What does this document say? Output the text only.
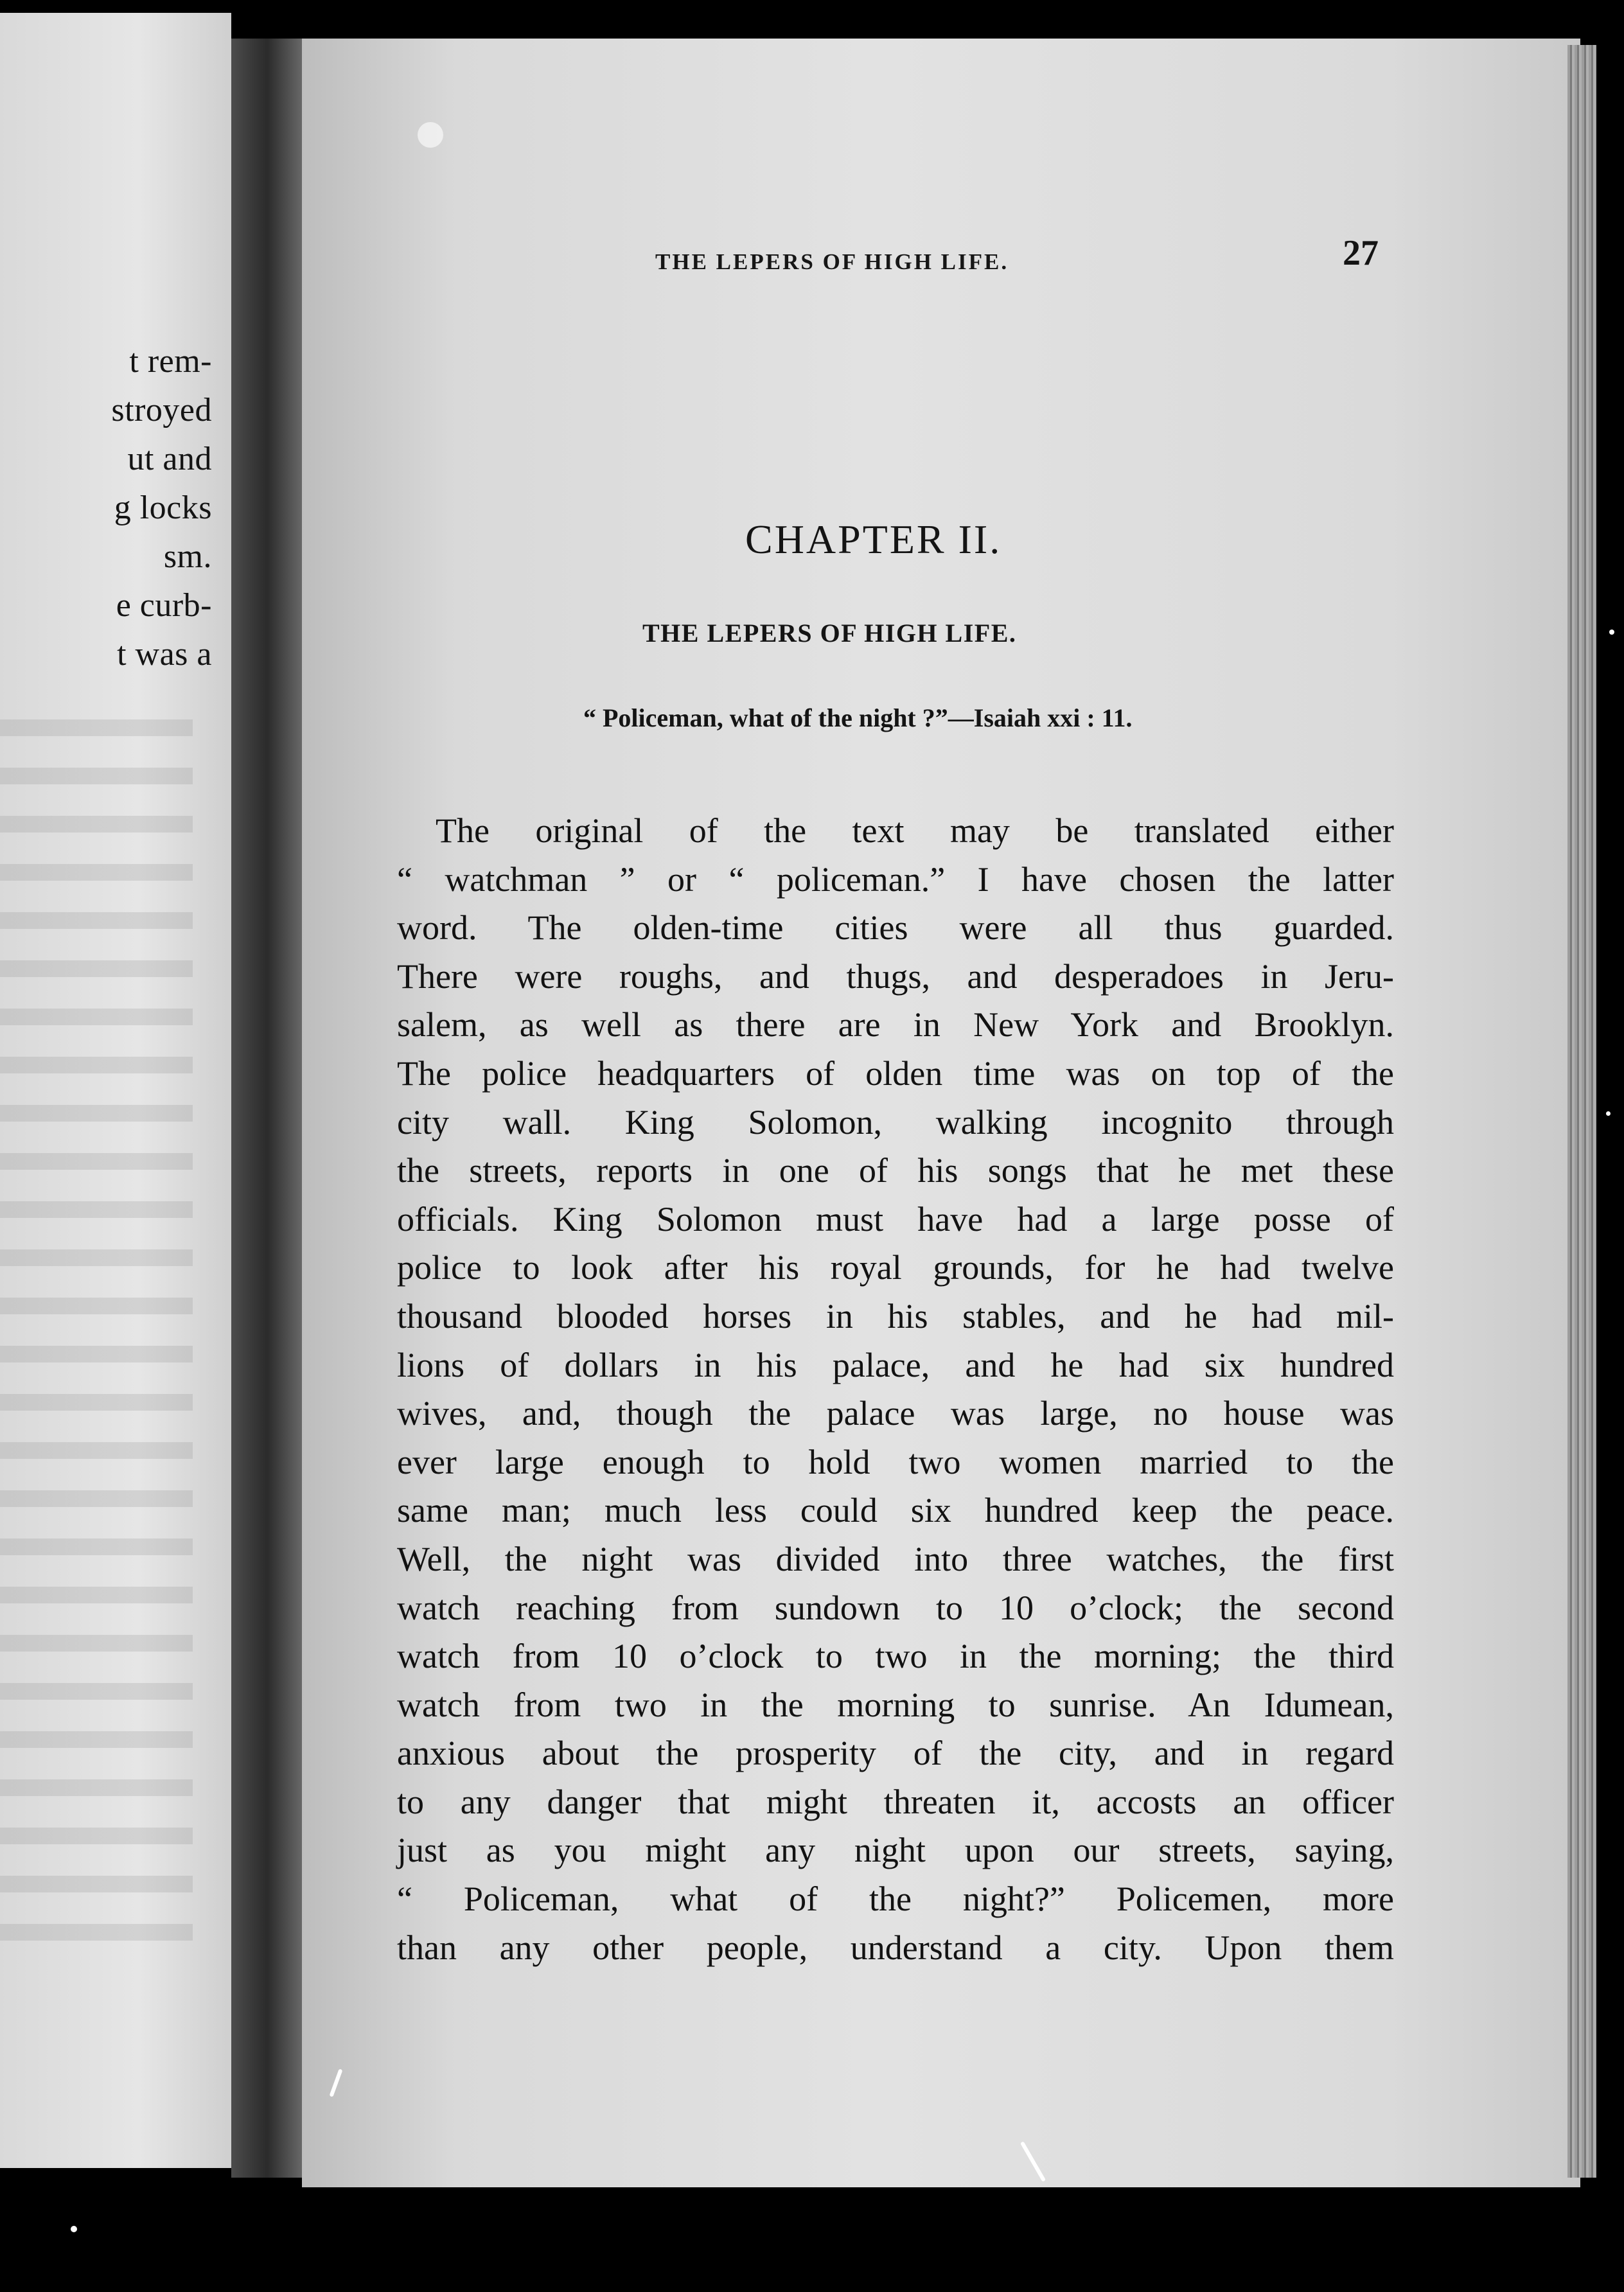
t rem-
stroyed
ut and
g locks
sm.
e curb-
t was a
THE LEPERS OF HIGH LIFE.	27
CHAPTER II.
THE LEPERS OF HIGH LIFE.
“ Policeman, what of the night ?”—Isaiah xxi : 11.
The original of the text may be translated either
“ watchman ” or “ policeman.” I have chosen the latter
word. The olden-time cities were all thus guarded.
There were roughs, and thugs, and desperadoes in Jeru-
salem, as well as there are in New York and Brooklyn.
The police headquarters of olden time was on top of the
city wall. King Solomon, walking incognito through
the streets, reports in one of his songs that he met these
officials. King Solomon must have had a large posse of
police to look after his royal grounds, for he had twelve
thousand blooded horses in his stables, and he had mil-
lions of dollars in his palace, and he had six hundred
wives, and, though the palace was large, no house was
ever large enough to hold two women married to the
same man; much less could six hundred keep the peace.
Well, the night was divided into three watches, the first
watch reaching from sundown to 10 o’clock; the second
watch from 10 o’clock to two in the morning; the third
watch from two in the morning to sunrise. An Idumean,
anxious about the prosperity of the city, and in regard
to any danger that might threaten it, accosts an officer
just as you might any night upon our streets, saying,
“ Policeman, what of the night?” Policemen, more
than any other people, understand a city. Upon them
